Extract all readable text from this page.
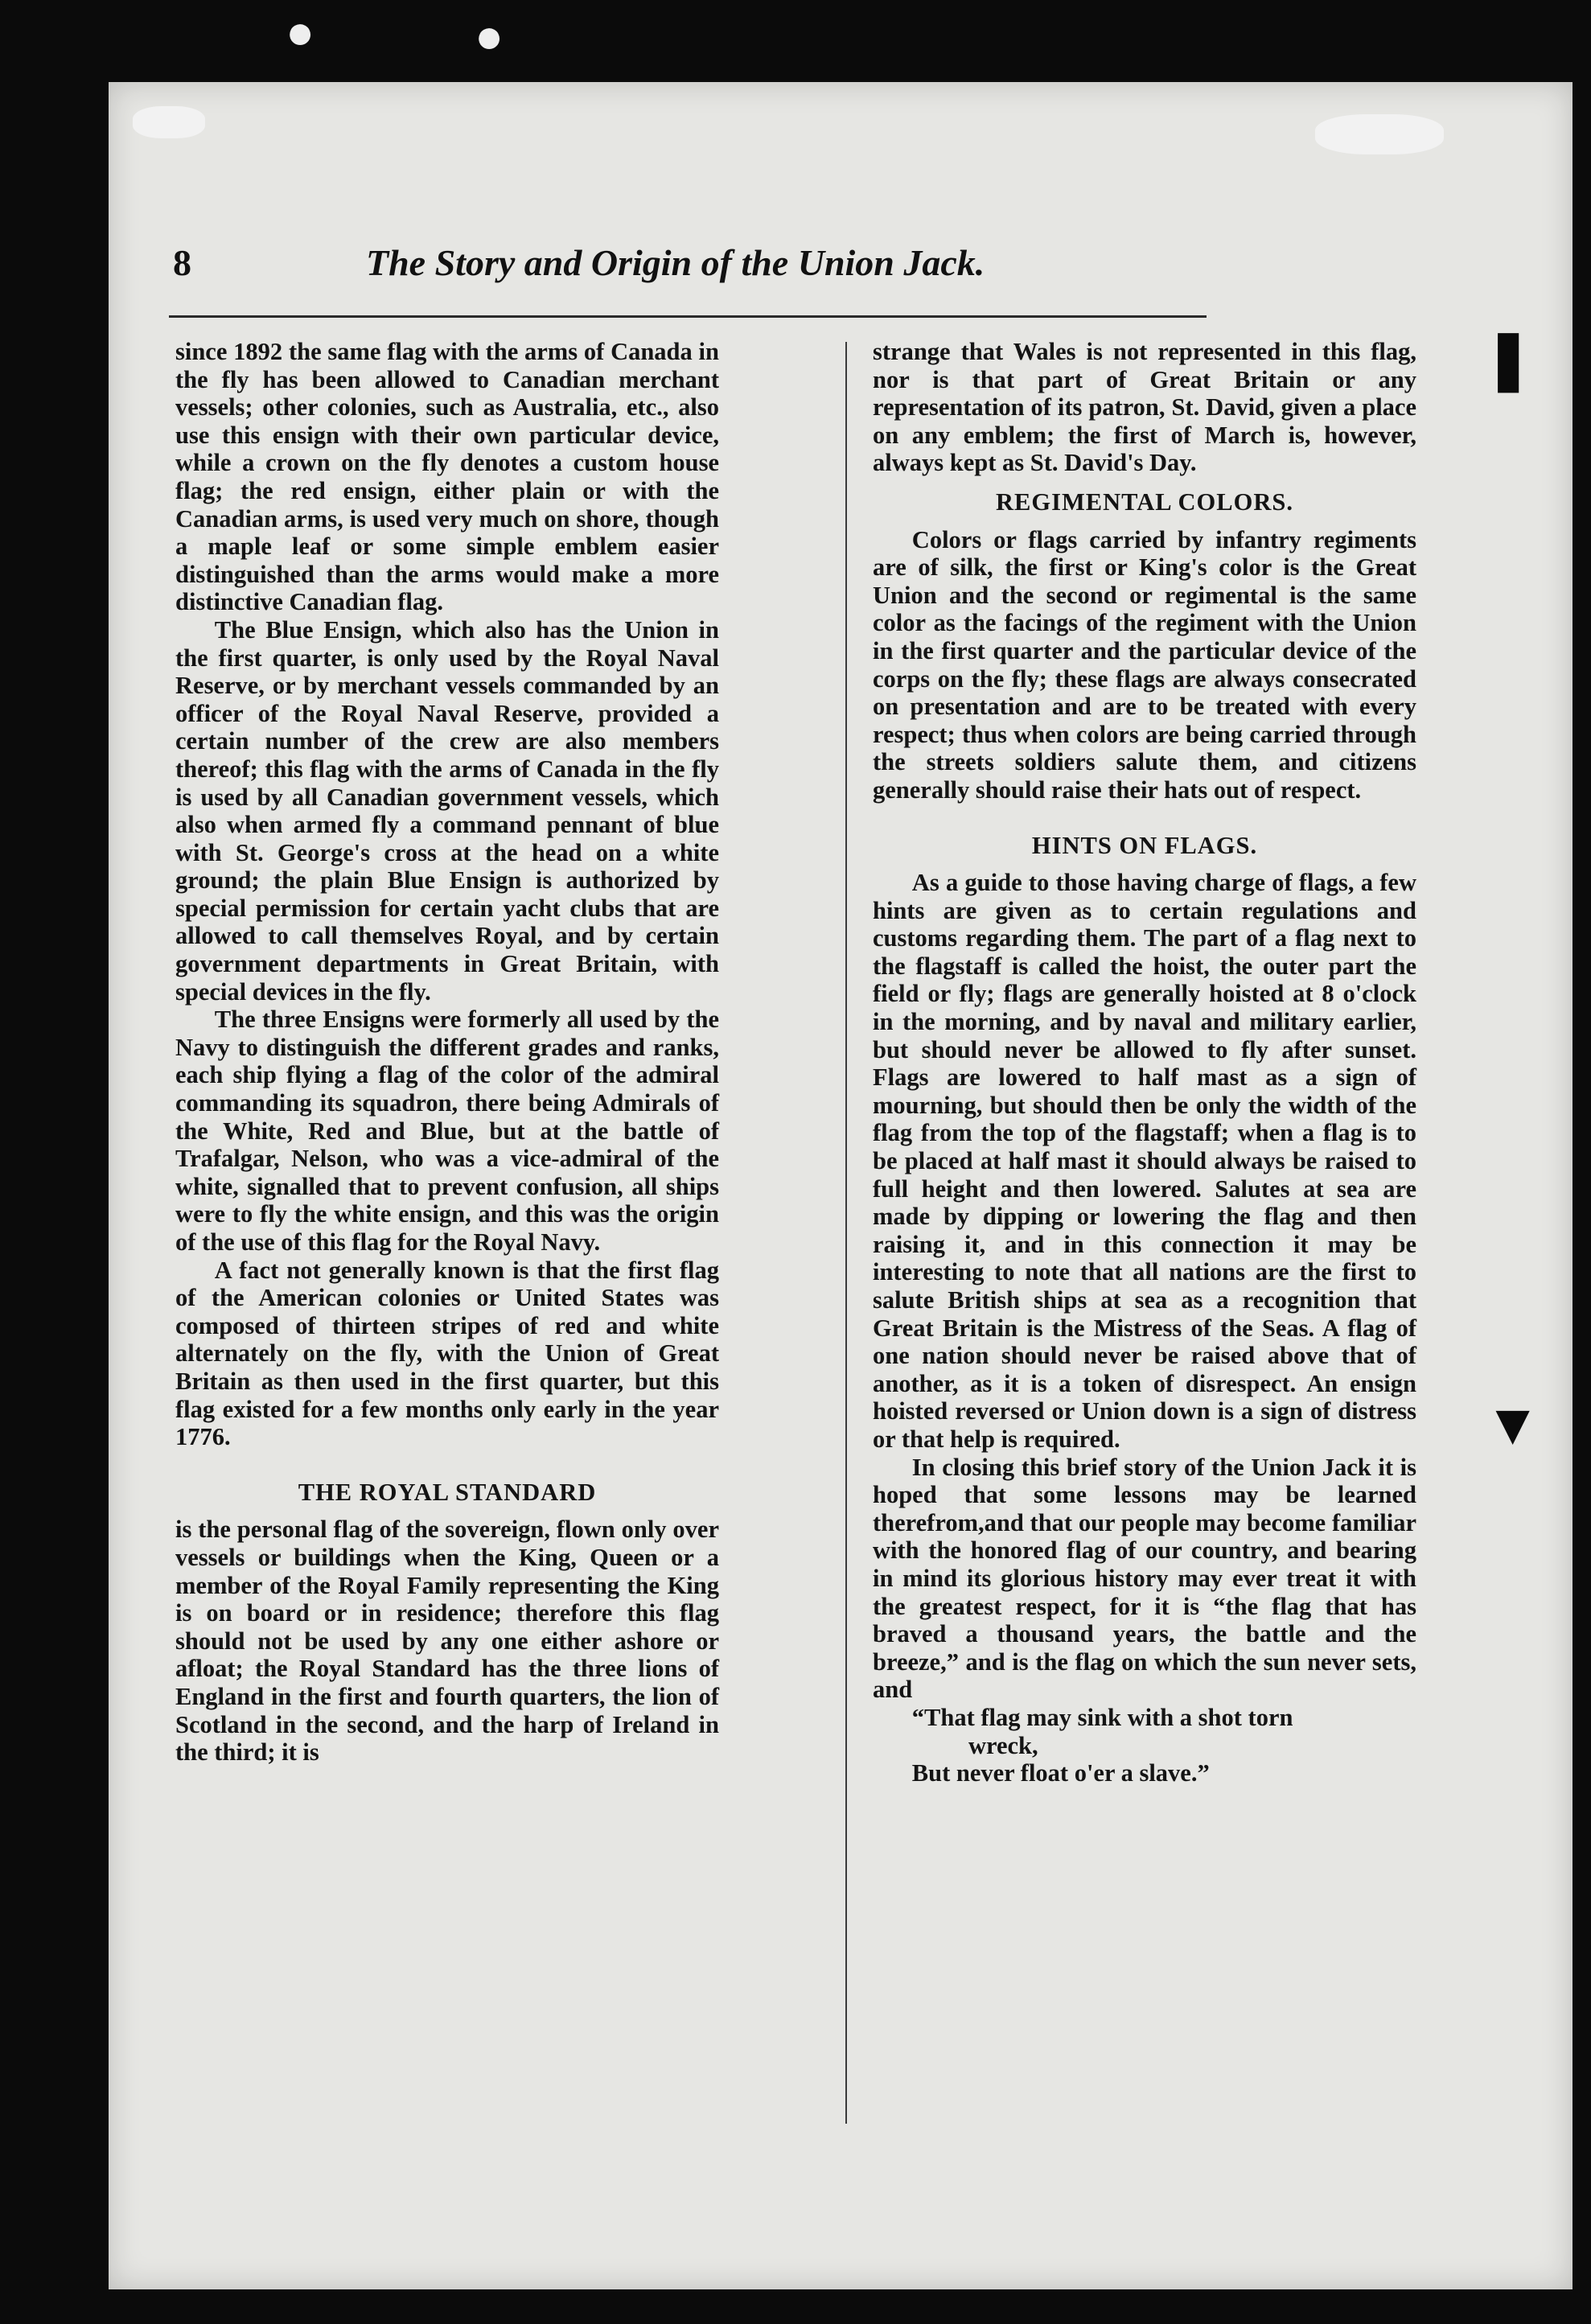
❚
▼
●	●
8	The Story and Origin of the Union Jack.

since 1892 the same flag with the arms of Canada in the fly has been allowed to Canadian merchant vessels; other colonies, such as Australia, etc., also use this ensign with their own particular device, while a crown on the fly denotes a custom house flag; the red ensign, either plain or with the Canadian arms, is used very much on shore, though a maple leaf or some simple emblem easier distinguished than the arms would make a more distinctive Canadian flag.

The Blue Ensign, which also has the Union in the first quarter, is only used by the Royal Naval Reserve, or by merchant vessels commanded by an officer of the Royal Naval Reserve, provided a certain number of the crew are also members thereof; this flag with the arms of Canada in the fly is used by all Canadian government vessels, which also when armed fly a command pennant of blue with St. George's cross at the head on a white ground; the plain Blue Ensign is authorized by special permission for certain yacht clubs that are allowed to call themselves Royal, and by certain government departments in Great Britain, with special devices in the fly.

The three Ensigns were formerly all used by the Navy to distinguish the different grades and ranks, each ship flying a flag of the color of the admiral commanding its squadron, there being Admirals of the White, Red and Blue, but at the battle of Trafalgar, Nelson, who was a vice-admiral of the white, signalled that to prevent confusion, all ships were to fly the white ensign, and this was the origin of the use of this flag for the Royal Navy.

A fact not generally known is that the first flag of the American colonies or United States was composed of thirteen stripes of red and white alternately on the fly, with the Union of Great Britain as then used in the first quarter, but this flag existed for a few months only early in the year 1776.

THE ROYAL STANDARD

is the personal flag of the sovereign, flown only over vessels or buildings when the King, Queen or a member of the Royal Family representing the King is on board or in residence; therefore this flag should not be used by any one either ashore or afloat; the Royal Standard has the three lions of England in the first and fourth quarters, the lion of Scotland in the second, and the harp of Ireland in the third; it is

strange that Wales is not represented in this flag, nor is that part of Great Britain or any representation of its patron, St. David, given a place on any emblem; the first of March is, however, always kept as St. David's Day.

REGIMENTAL COLORS.

Colors or flags carried by infantry regiments are of silk, the first or King's color is the Great Union and the second or regimental is the same color as the facings of the regiment with the Union in the first quarter and the particular device of the corps on the fly; these flags are always consecrated on presentation and are to be treated with every respect; thus when colors are being carried through the streets soldiers salute them, and citizens generally should raise their hats out of respect.

HINTS ON FLAGS.

As a guide to those having charge of flags, a few hints are given as to certain regulations and customs regarding them. The part of a flag next to the flagstaff is called the hoist, the outer part the field or fly; flags are generally hoisted at 8 o'clock in the morning, and by naval and military earlier, but should never be allowed to fly after sunset. Flags are lowered to half mast as a sign of mourning, but should then be only the width of the flag from the top of the flagstaff; when a flag is to be placed at half mast it should always be raised to full height and then lowered. Salutes at sea are made by dipping or lowering the flag and then raising it, and in this connection it may be interesting to note that all nations are the first to salute British ships at sea as a recognition that Great Britain is the Mistress of the Seas. A flag of one nation should never be raised above that of another, as it is a token of disrespect. An ensign hoisted reversed or Union down is a sign of distress or that help is required.

In closing this brief story of the Union Jack it is hoped that some lessons may be learned therefrom,and that our people may become familiar with the honored flag of our country, and bearing in mind its glorious history may ever treat it with the greatest respect, for it is “the flag that has braved a thousand years, the battle and the breeze,” and is the flag on which the sun never sets, and

“That flag may sink with a shot torn

wreck,

But never float o'er a slave.”
